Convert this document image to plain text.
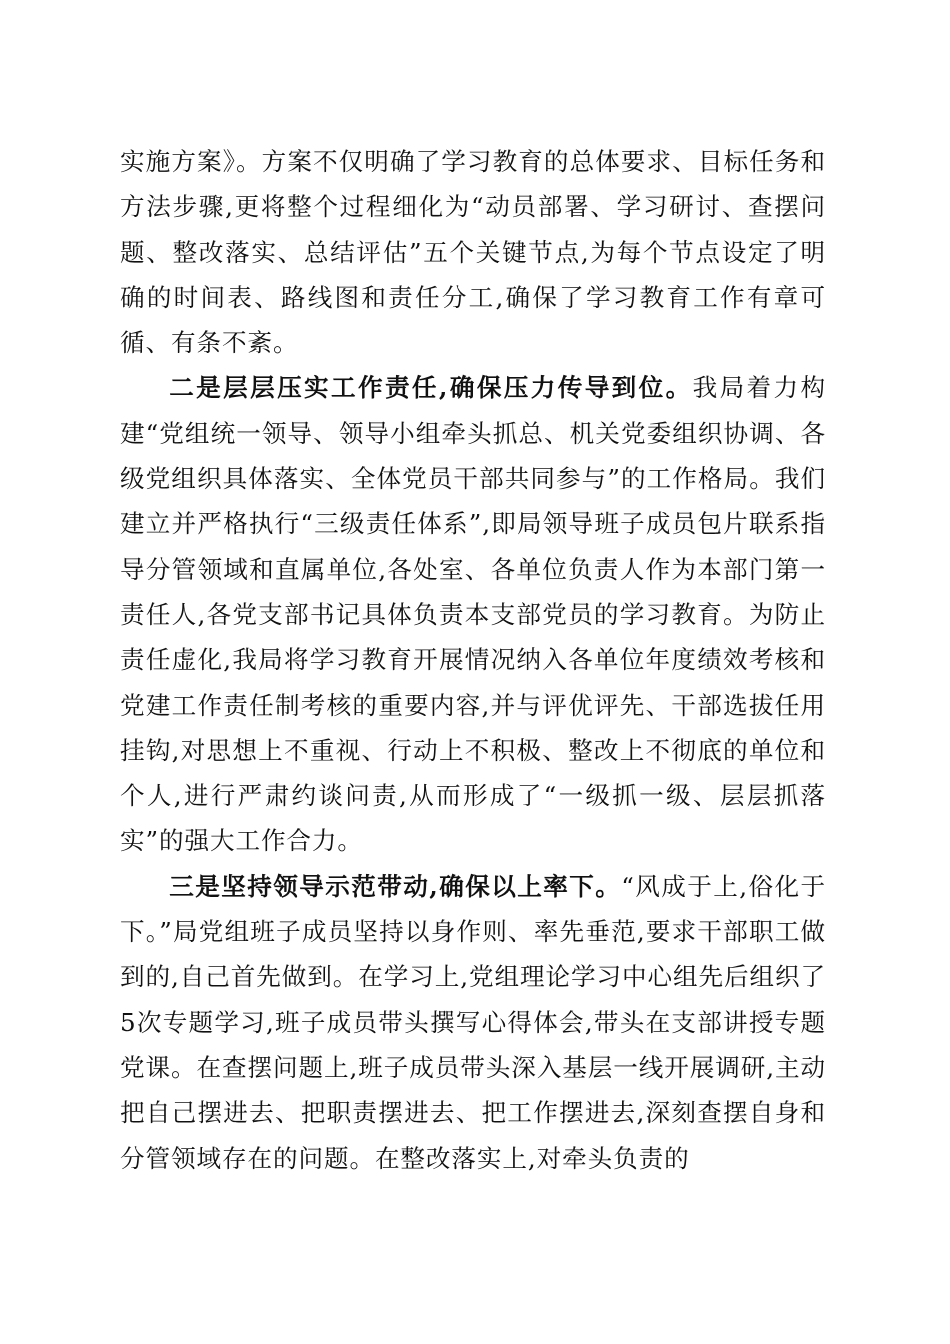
实施方案》。方案不仅明确了学习教育的总体要求、目标任务和方法步骤,更将整个过程细化为“动员部署、学习研讨、查摆问题、整改落实、总结评估”五个关键节点,为每个节点设定了明确的时间表、路线图和责任分工,确保了学习教育工作有章可循、有条不紊。

二是层层压实工作责任,确保压力传导到位。我局着力构建“党组统一领导、领导小组牵头抓总、机关党委组织协调、各级党组织具体落实、全体党员干部共同参与”的工作格局。我们建立并严格执行“三级责任体系”,即局领导班子成员包片联系指导分管领域和直属单位,各处室、各单位负责人作为本部门第一责任人,各党支部书记具体负责本支部党员的学习教育。为防止责任虚化,我局将学习教育开展情况纳入各单位年度绩效考核和党建工作责任制考核的重要内容,并与评优评先、干部选拔任用挂钩,对思想上不重视、行动上不积极、整改上不彻底的单位和个人,进行严肃约谈问责,从而形成了“一级抓一级、层层抓落实”的强大工作合力。

三是坚持领导示范带动,确保以上率下。“风成于上,俗化于下。”局党组班子成员坚持以身作则、率先垂范,要求干部职工做到的,自己首先做到。在学习上,党组理论学习中心组先后组织了5次专题学习,班子成员带头撰写心得体会,带头在支部讲授专题党课。在查摆问题上,班子成员带头深入基层一线开展调研,主动把自己摆进去、把职责摆进去、把工作摆进去,深刻查摆自身和分管领域存在的问题。在整改落实上,对牵头负责的
